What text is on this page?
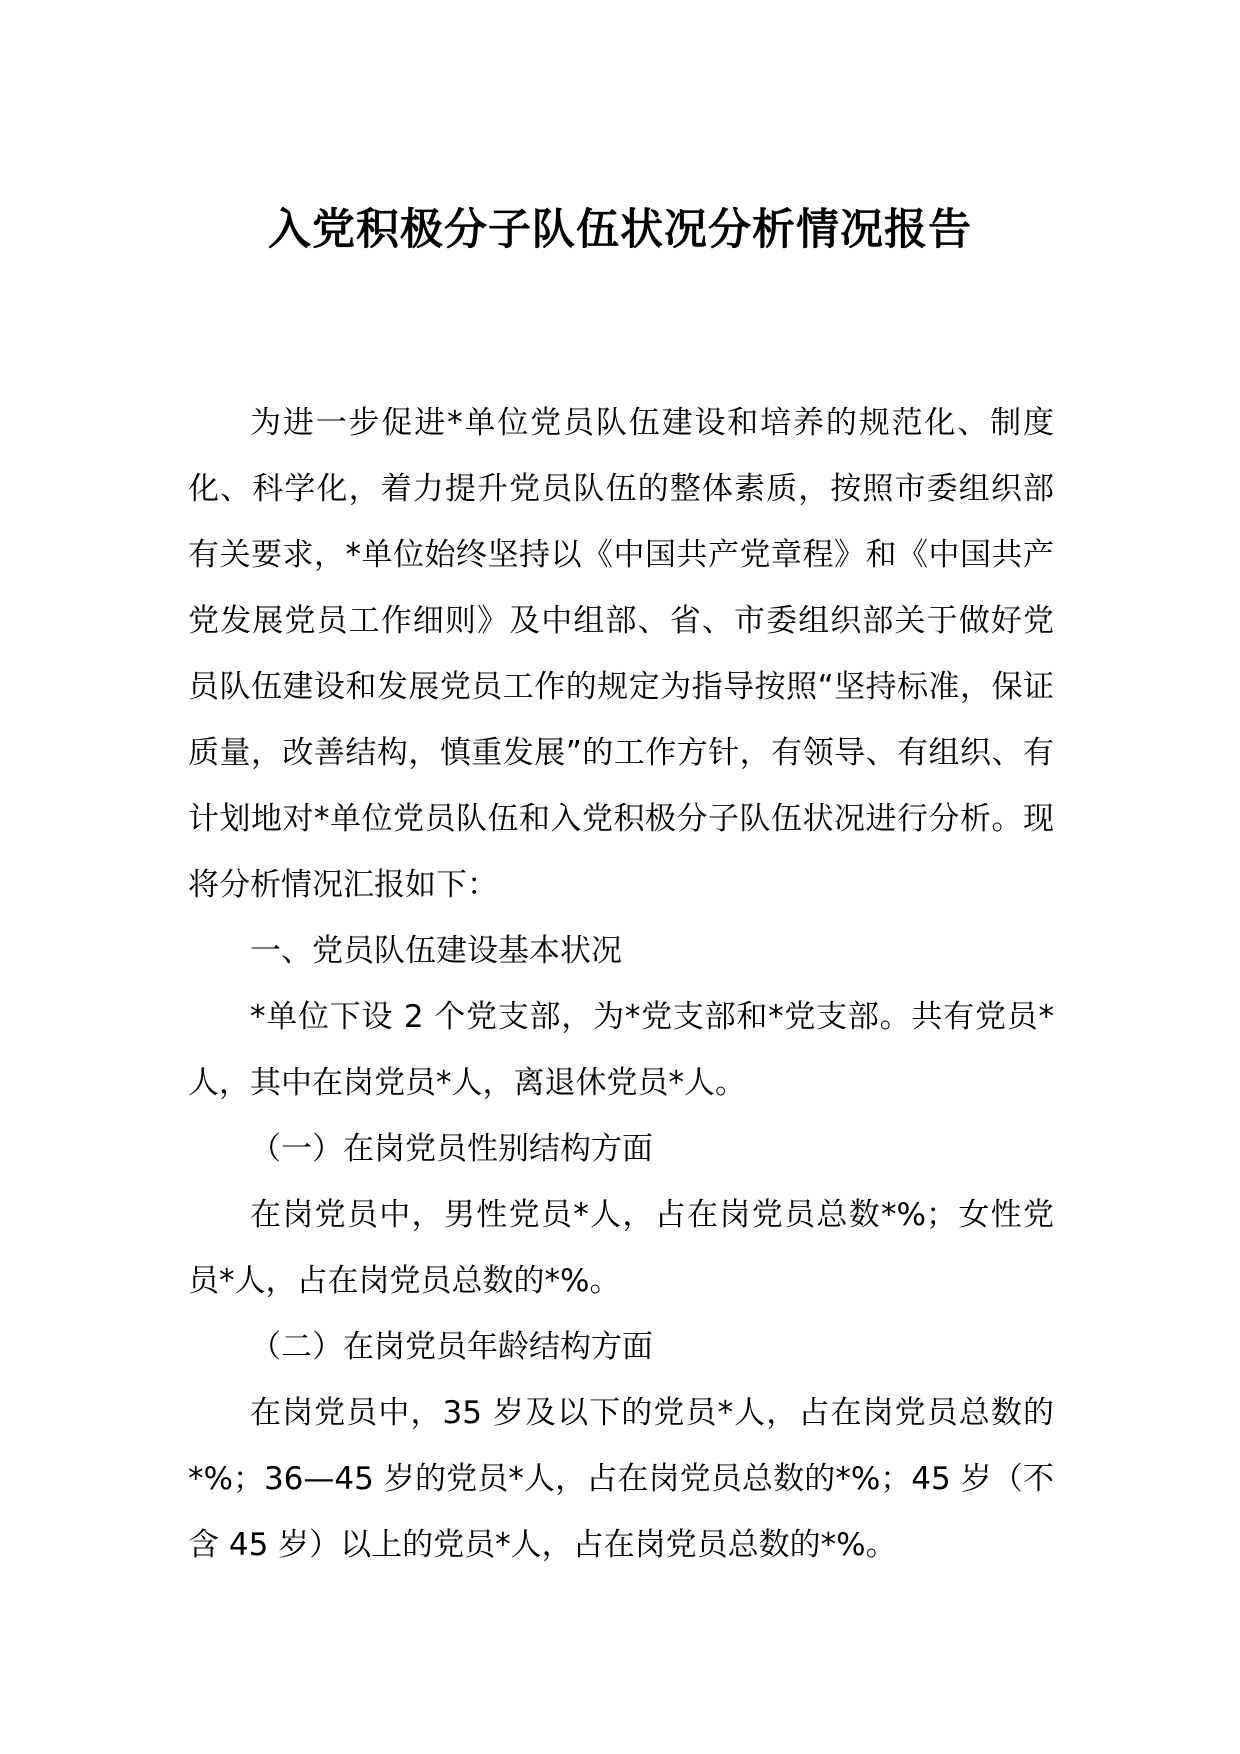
入党积极分子队伍状况分析情况报告

为进一步促进*单位党员队伍建设和培养的规范化、制度化、科学化，着力提升党员队伍的整体素质，按照市委组织部有关要求，*单位始终坚持以《中国共产党章程》和《中国共产党发展党员工作细则》及中组部、省、市委组织部关于做好党员队伍建设和发展党员工作的规定为指导按照“坚持标准，保证质量，改善结构，慎重发展”的工作方针，有领导、有组织、有计划地对*单位党员队伍和入党积极分子队伍状况进行分析。现将分析情况汇报如下：

一、党员队伍建设基本状况

*单位下设 2 个党支部，为*党支部和*党支部。共有党员*人，其中在岗党员*人，离退休党员*人。

（一）在岗党员性别结构方面

在岗党员中，男性党员*人，占在岗党员总数*%；女性党员*人，占在岗党员总数的*%。

（二）在岗党员年龄结构方面

在岗党员中，35 岁及以下的党员*人，占在岗党员总数的*%；36—45 岁的党员*人，占在岗党员总数的*%；45 岁（不含 45 岁）以上的党员*人，占在岗党员总数的*%。
